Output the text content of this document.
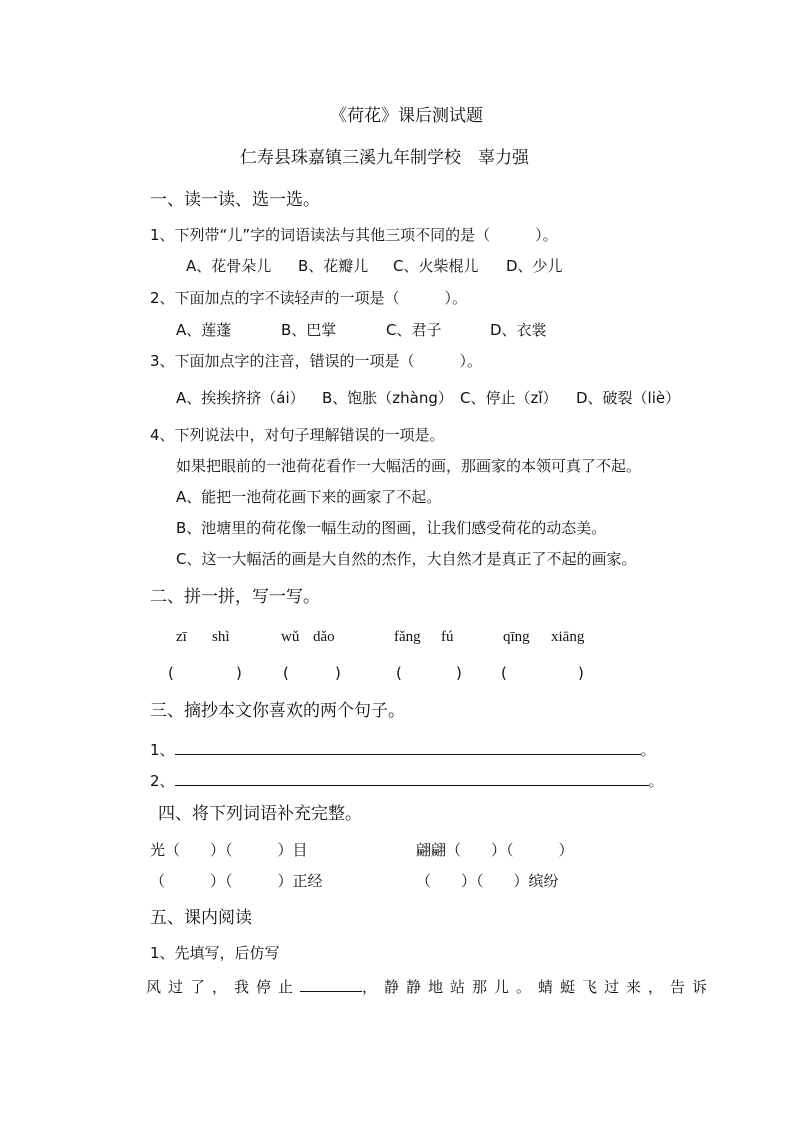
《荷花》课后测试题
仁寿县珠嘉镇三溪九年制学校　辜力强
一、读一读、选一选。
1、下列带“儿”字的词语读法与其他三项不同的是（　　　）。
A、花骨朵儿 B、花瓣儿 C、火柴棍儿 D、少儿
2、下面加点的字不读轻声的一项是（　　　）。
A、莲蓬	B、巴掌	C、君子	D、衣裳
3、下面加点字的注音，错误的一项是（　　　）。
A、挨挨挤挤（ái） B、饱胀（zhàng） C、停止（zǐ） D、破裂（liè）
4、下列说法中，对句子理解错误的一项是。
如果把眼前的一池荷花看作一大幅活的画，那画家的本领可真了不起。
A、能把一池荷花画下来的画家了不起。
B、池塘里的荷花像一幅生动的图画，让我们感受荷花的动态美。
C、这一大幅活的画是大自然的杰作，大自然才是真正了不起的画家。
二、拼一拼，写一写。
zī shì	wǔ dǎo	fǎng fú	qīng xiāng
(	)	(	)	(	)	(	)
三、摘抄本文你喜欢的两个句子。
1、	。
2、	。
四、将下列词语补充完整。
光（　　）（　　　）目	翩翩（　　）（　　　）
（　　　）（　　　）正经	（　　）（　　）缤纷
五、课内阅读
1、先填写，后仿写
风过了，我停止	，静静地站那儿。蜻蜓飞过来，告诉
